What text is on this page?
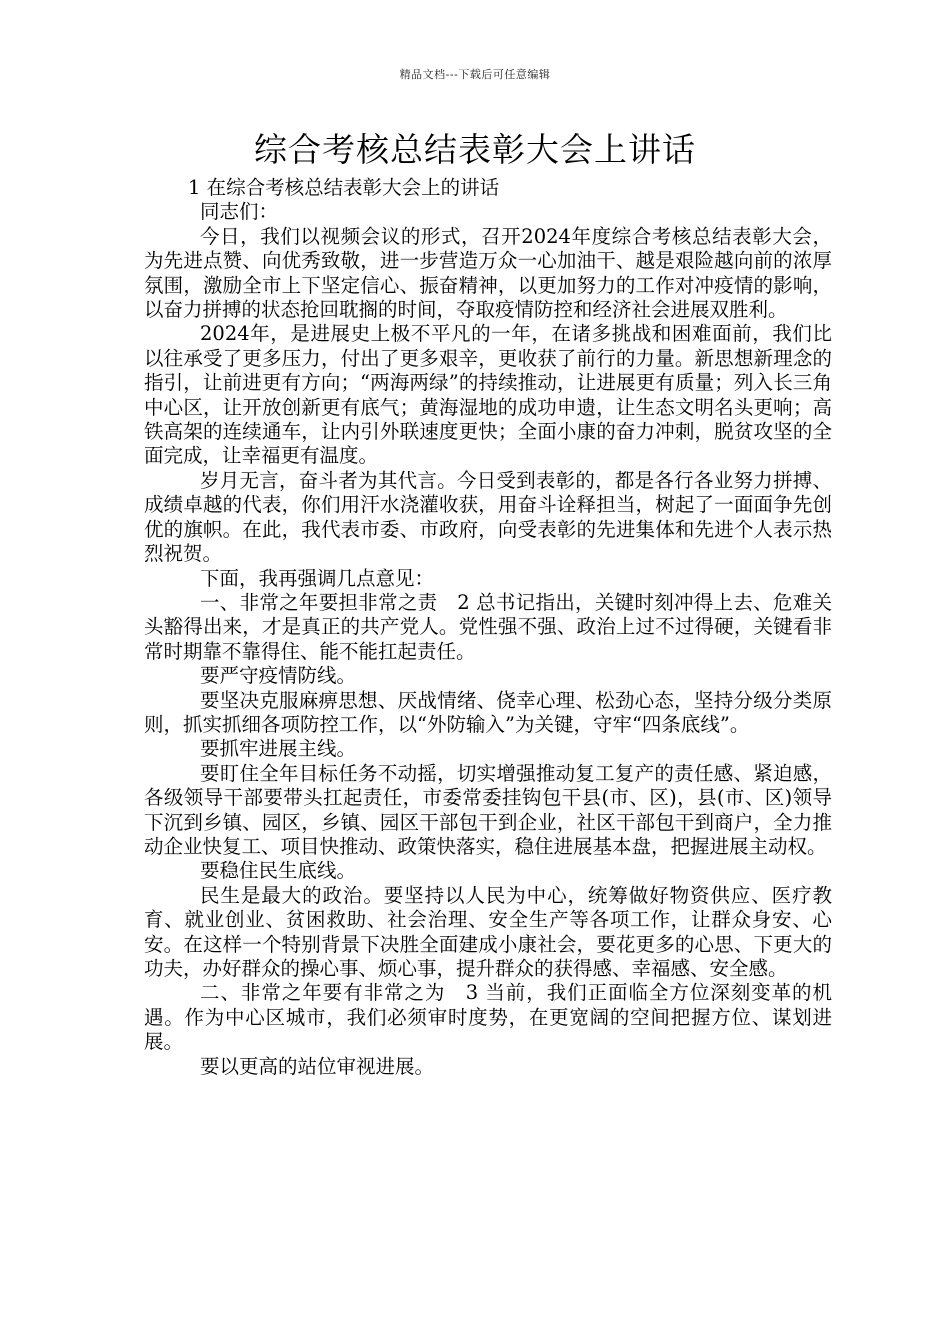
精品文档---下载后可任意编辑
综合考核总结表彰大会上讲话

1 在综合考核总结表彰大会上的讲话

同志们：

今日，我们以视频会议的形式，召开2024年度综合考核总结表彰大会，为先进点赞、向优秀致敬，进一步营造万众一心加油干、越是艰险越向前的浓厚氛围，激励全市上下坚定信心、振奋精神，以更加努力的工作对冲疫情的影响，以奋力拼搏的状态抢回耽搁的时间，夺取疫情防控和经济社会进展双胜利。

2024年，是进展史上极不平凡的一年，在诸多挑战和困难面前，我们比以往承受了更多压力，付出了更多艰辛，更收获了前行的力量。新思想新理念的指引，让前进更有方向；“两海两绿”的持续推动，让进展更有质量；列入长三角中心区，让开放创新更有底气；黄海湿地的成功申遗，让生态文明名头更响；高铁高架的连续通车，让内引外联速度更快；全面小康的奋力冲刺，脱贫攻坚的全面完成，让幸福更有温度。

岁月无言，奋斗者为其代言。今日受到表彰的，都是各行各业努力拼搏、成绩卓越的代表，你们用汗水浇灌收获，用奋斗诠释担当，树起了一面面争先创优的旗帜。在此，我代表市委、市政府，向受表彰的先进集体和先进个人表示热烈祝贺。

下面，我再强调几点意见：

一、非常之年要担非常之责　2 总书记指出，关键时刻冲得上去、危难关头豁得出来，才是真正的共产党人。党性强不强、政治上过不过得硬，关键看非常时期靠不靠得住、能不能扛起责任。

要严守疫情防线。

要坚决克服麻痹思想、厌战情绪、侥幸心理、松劲心态，坚持分级分类原则，抓实抓细各项防控工作，以“外防输入”为关键，守牢“四条底线”。

要抓牢进展主线。

要盯住全年目标任务不动摇，切实增强推动复工复产的责任感、紧迫感，各级领导干部要带头扛起责任，市委常委挂钩包干县(市、区)，县(市、区)领导下沉到乡镇、园区，乡镇、园区干部包干到企业，社区干部包干到商户，全力推动企业快复工、项目快推动、政策快落实，稳住进展基本盘，把握进展主动权。

要稳住民生底线。

民生是最大的政治。要坚持以人民为中心，统筹做好物资供应、医疗教育、就业创业、贫困救助、社会治理、安全生产等各项工作，让群众身安、心安。在这样一个特别背景下决胜全面建成小康社会，要花更多的心思、下更大的功夫，办好群众的操心事、烦心事，提升群众的获得感、幸福感、安全感。

二、非常之年要有非常之为　3 当前，我们正面临全方位深刻变革的机遇。作为中心区城市，我们必须审时度势，在更宽阔的空间把握方位、谋划进展。

要以更高的站位审视进展。
